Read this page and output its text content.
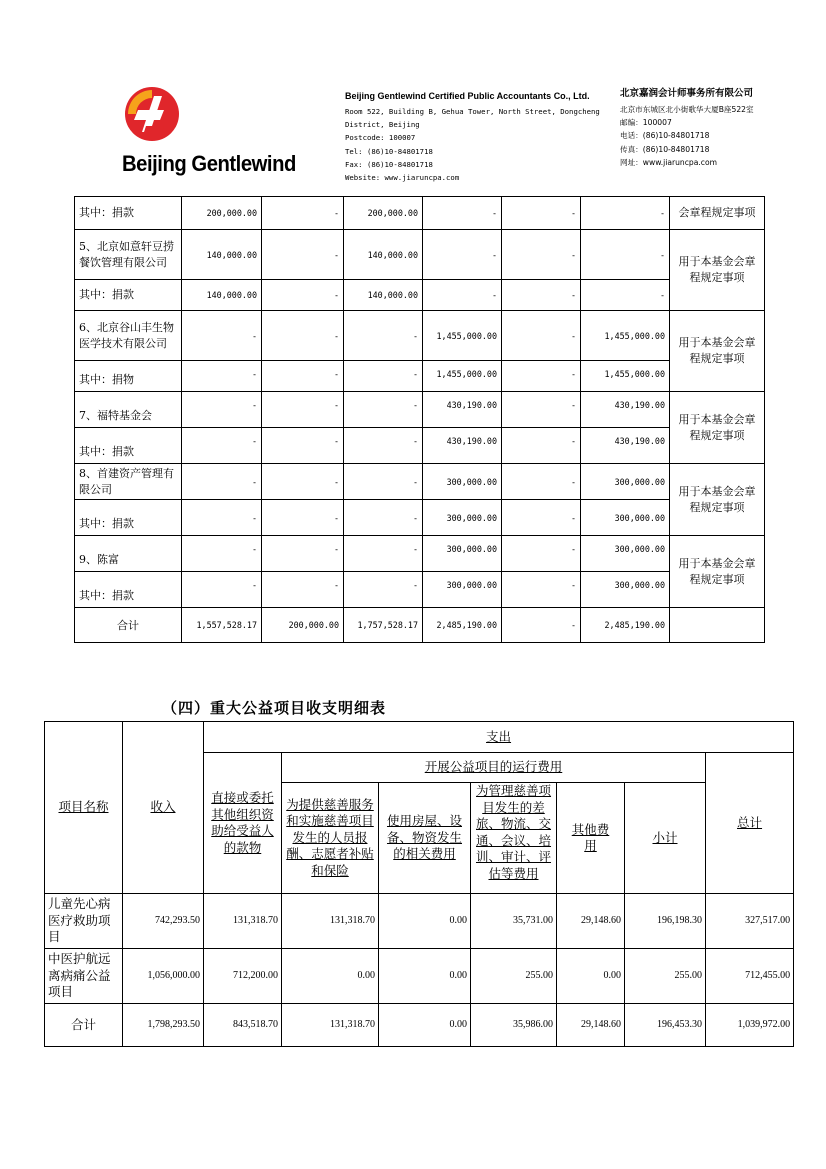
Beijing Gentlewind
Beijing Gentlewind Certified Public Accountants Co., Ltd.
Room 522, Building B, Gehua Tower, North Street, Dongcheng
District, Beijing
Postcode: 100007
Tel: (86)10-84801718
Fax: (86)10-84801718
Website: www.jiaruncpa.com
北京嘉润会计师事务所有限公司
北京市东城区北小街歌华大厦B座522室
邮编：100007
电话：(86)10-84801718
传真：(86)10-84801718
网址：www.jiaruncpa.com
其中：捐款	200,000.00	-	200,000.00	-	-	-	会章程规定事项
5、北京如意轩豆捞餐饮管理有限公司	140,000.00	-	140,000.00	-	-	-	用于本基金会章程规定事项
其中：捐款	140,000.00	-	140,000.00	-	-	-	
6、北京谷山丰生物医学技术有限公司	-	-	-	1,455,000.00	-	1,455,000.00	用于本基金会章程规定事项
其中：捐物	-	-	-	1,455,000.00	-	1,455,000.00	
7、福特基金会	-	-	-	430,190.00	-	430,190.00	用于本基金会章程规定事项
其中：捐款	-	-	-	430,190.00	-	430,190.00	
8、首建资产管理有限公司	-	-	-	300,000.00	-	300,000.00	用于本基金会章程规定事项
其中：捐款	-	-	-	300,000.00	-	300,000.00	
9、陈富	-	-	-	300,000.00	-	300,000.00	用于本基金会章程规定事项
其中：捐款	-	-	-	300,000.00	-	300,000.00	
合计	1,557,528.17	200,000.00	1,757,528.17	2,485,190.00	-	2,485,190.00	
（四）重大公益项目收支明细表
项目名称	收入	支出						
		直接或委托其他组织资助给受益人的款物	开展公益项目的运行费用					总计
			为提供慈善服务和实施慈善项目发生的人员报酬、志愿者补贴和保险	使用房屋、设备、物资发生的相关费用	为管理慈善项目发生的差旅、物流、交通、会议、培训、审计、评估等费用	其他费用	小计	
儿童先心病医疗救助项目	742,293.50	131,318.70	131,318.70	0.00	35,731.00	29,148.60	196,198.30	327,517.00
中医护航远离病痛公益项目	1,056,000.00	712,200.00	0.00	0.00	255.00	0.00	255.00	712,455.00
合计	1,798,293.50	843,518.70	131,318.70	0.00	35,986.00	29,148.60	196,453.30	1,039,972.00
